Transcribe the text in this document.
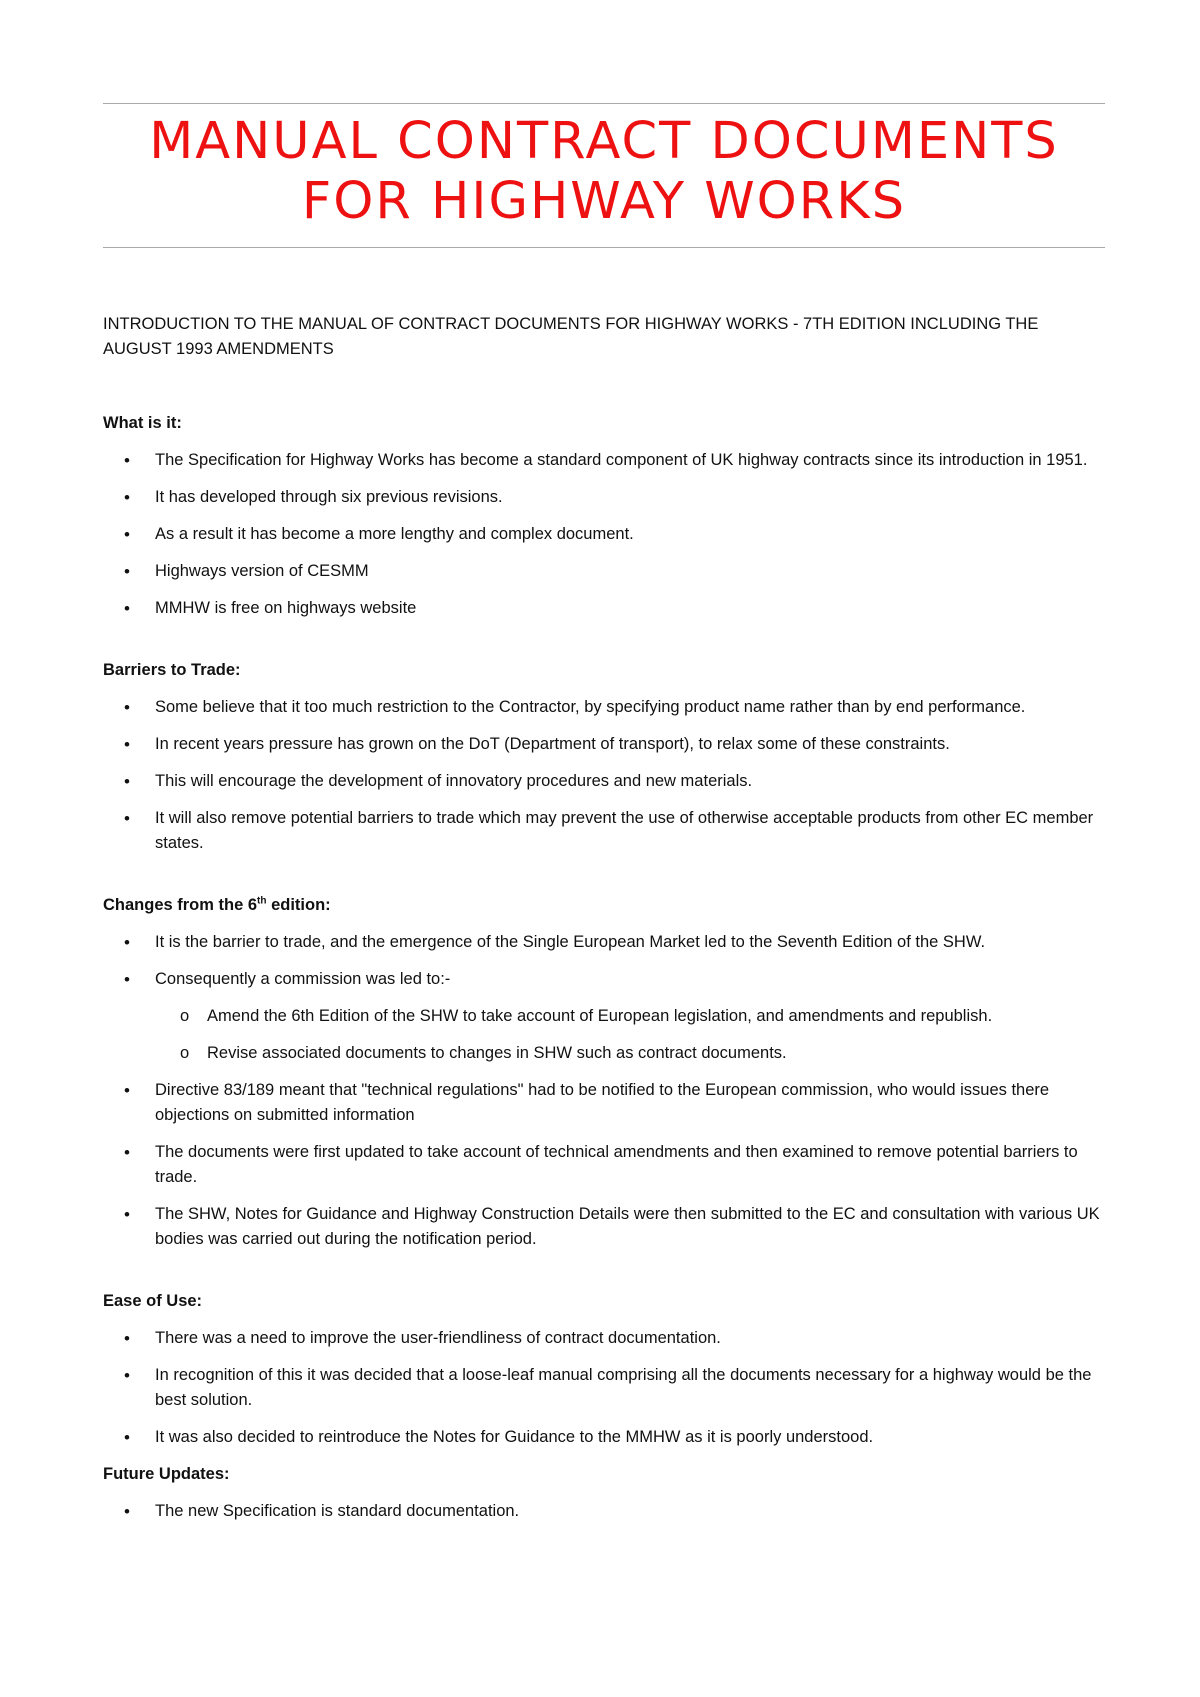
MANUAL CONTRACT DOCUMENTS
FOR HIGHWAY WORKS

INTRODUCTION TO THE MANUAL OF CONTRACT DOCUMENTS FOR HIGHWAY WORKS - 7TH EDITION INCLUDING THE AUGUST 1993 AMENDMENTS

What is it:
• The Specification for Highway Works has become a standard component of UK highway contracts since its introduction in 1951.
• It has developed through six previous revisions.
• As a result it has become a more lengthy and complex document.
• Highways version of CESMM
• MMHW is free on highways website
Barriers to Trade:
• Some believe that it too much restriction to the Contractor, by specifying product name rather than by end performance.
• In recent years pressure has grown on the DoT (Department of transport), to relax some of these constraints.
• This will encourage the development of innovatory procedures and new materials.
• It will also remove potential barriers to trade which may prevent the use of otherwise acceptable products from other EC member states.
Changes from the 6th edition:
• It is the barrier to trade, and the emergence of the Single European Market led to the Seventh Edition of the SHW.
• Consequently a commission was led to:-
o Amend the 6th Edition of the SHW to take account of European legislation, and amendments and republish.
o Revise associated documents to changes in SHW such as contract documents.
• Directive 83/189 meant that "technical regulations" had to be notified to the European commission, who would issues there objections on submitted information
• The documents were first updated to take account of technical amendments and then examined to remove potential barriers to trade.
• The SHW, Notes for Guidance and Highway Construction Details were then submitted to the EC and consultation with various UK bodies was carried out during the notification period.
Ease of Use:
• There was a need to improve the user-friendliness of contract documentation.
• In recognition of this it was decided that a loose-leaf manual comprising all the documents necessary for a highway would be the best solution.
• It was also decided to reintroduce the Notes for Guidance to the MMHW as it is poorly understood.
Future Updates:
• The new Specification is standard documentation.
